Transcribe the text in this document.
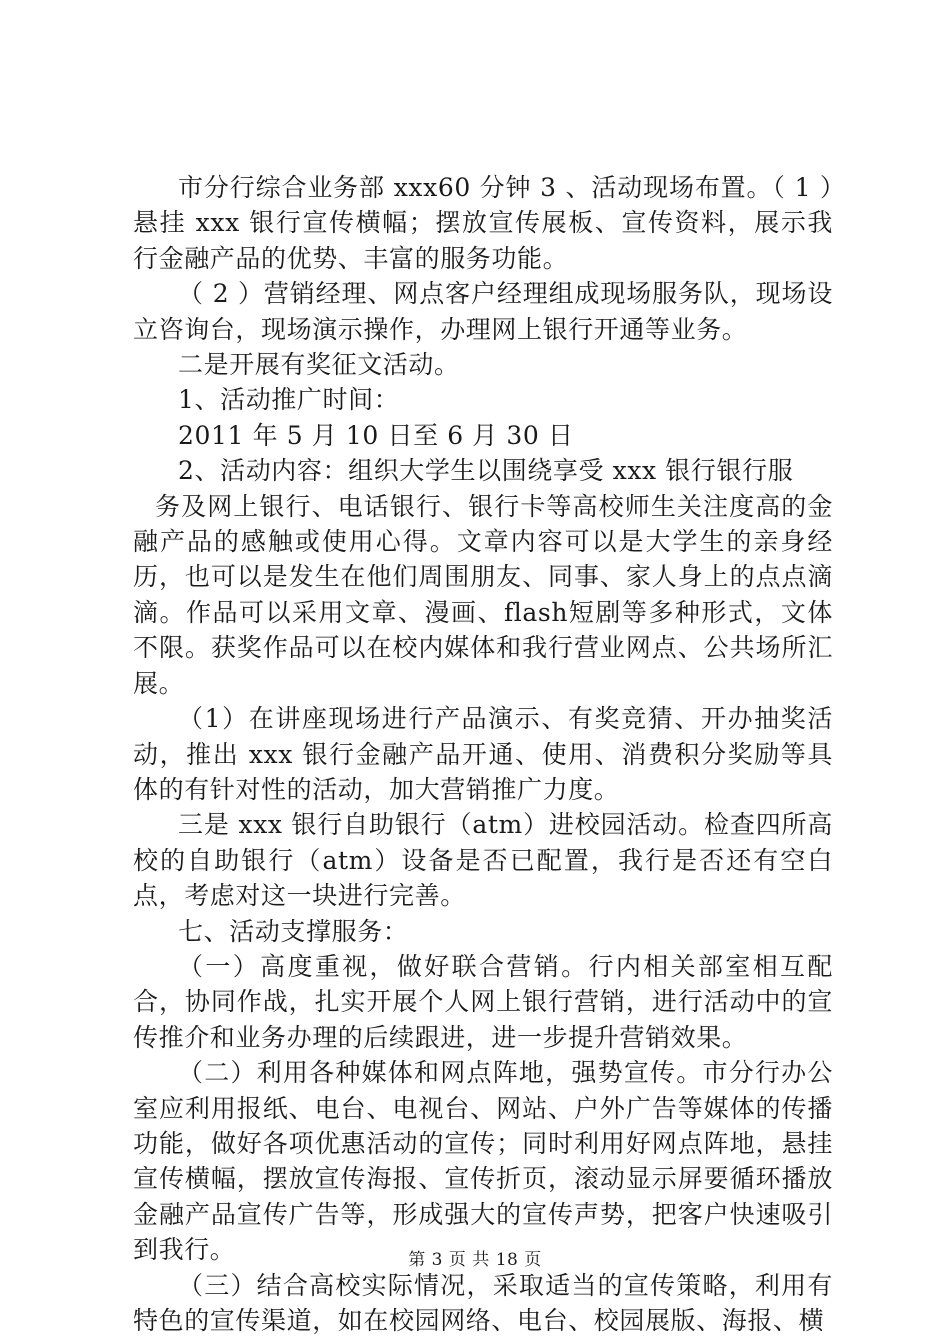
市分行综合业务部 xxx60 分钟 3 、活动现场布置。（ 1 ）悬挂 xxx 银行宣传横幅；摆放宣传展板、宣传资料，展示我行金融产品的优势、丰富的服务功能。

（ 2 ）营销经理、网点客户经理组成现场服务队，现场设立咨询台，现场演示操作，办理网上银行开通等业务。

二是开展有奖征文活动。

1、活动推广时间：

2011 年 5 月 10 日至 6 月 30 日

2、活动内容：组织大学生以围绕享受 xxx 银行银行服

务及网上银行、电话银行、银行卡等高校师生关注度高的金融产品的感触或使用心得。文章内容可以是大学生的亲身经历，也可以是发生在他们周围朋友、同事、家人身上的点点滴滴。作品可以采用文章、漫画、flash短剧等多种形式，文体不限。获奖作品可以在校内媒体和我行营业网点、公共场所汇展。

（1）在讲座现场进行产品演示、有奖竞猜、开办抽奖活动，推出 xxx 银行金融产品开通、使用、消费积分奖励等具体的有针对性的活动，加大营销推广力度。

三是 xxx 银行自助银行（atm）进校园活动。检查四所高校的自助银行（atm）设备是否已配置，我行是否还有空白点，考虑对这一块进行完善。

七、活动支撑服务：

（一）高度重视，做好联合营销。行内相关部室相互配合，协同作战，扎实开展个人网上银行营销，进行活动中的宣传推介和业务办理的后续跟进，进一步提升营销效果。

（二）利用各种媒体和网点阵地，强势宣传。市分行办公室应利用报纸、电台、电视台、网站、户外广告等媒体的传播功能，做好各项优惠活动的宣传；同时利用好网点阵地，悬挂宣传横幅，摆放宣传海报、宣传折页，滚动显示屏要循环播放金融产品宣传广告等，形成强大的宣传声势，把客户快速吸引到我行。

（三）结合高校实际情况，采取适当的宣传策略，利用有特色的宣传渠道，如在校园网络、电台、校园展版、海报、横

第 3 页 共 18 页
